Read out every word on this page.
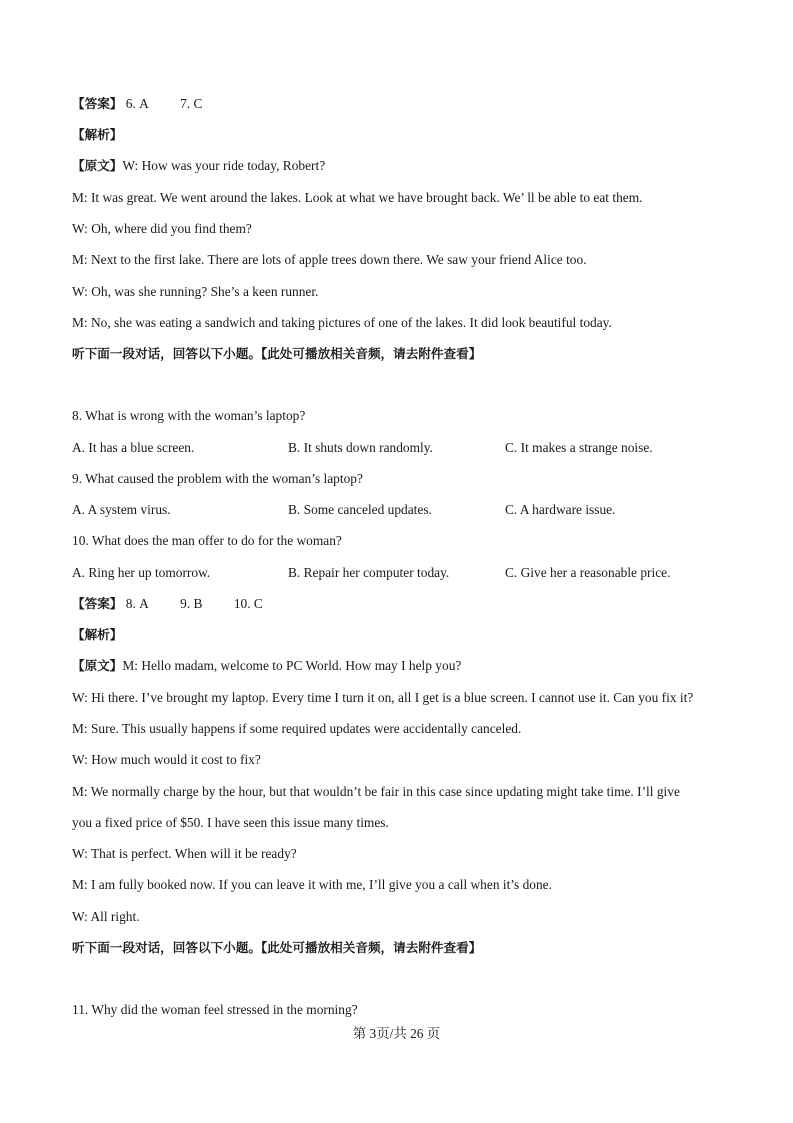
【答案】 6. A 7. C
【解析】
【原文】W: How was your ride today, Robert?
M: It was great. We went around the lakes. Look at what we have brought back. We’ ll be able to eat them.
W: Oh, where did you find them?
M: Next to the first lake. There are lots of apple trees down there. We saw your friend Alice too.
W: Oh, was she running? She’s a keen runner.
M: No, she was eating a sandwich and taking pictures of one of the lakes. It did look beautiful today.
听下面一段对话，回答以下小题。【此处可播放相关音频，请去附件查看】
8. What is wrong with the woman’s laptop?
A. It has a blue screen.	B. It shuts down randomly.	C. It makes a strange noise.
9. What caused the problem with the woman’s laptop?
A. A system virus.	B. Some canceled updates.	C. A hardware issue.
10. What does the man offer to do for the woman?
A. Ring her up tomorrow.	B. Repair her computer today.	C. Give her a reasonable price.
【答案】 8. A 9. B 10. C
【解析】
【原文】M: Hello madam, welcome to PC World. How may I help you?
W: Hi there. I’ve brought my laptop. Every time I turn it on, all I get is a blue screen. I cannot use it. Can you fix it?
M: Sure. This usually happens if some required updates were accidentally canceled.
W: How much would it cost to fix?
M: We normally charge by the hour, but that wouldn’t be fair in this case since updating might take time. I’ll give
you a fixed price of $50. I have seen this issue many times.
W: That is perfect. When will it be ready?
M: I am fully booked now. If you can leave it with me, I’ll give you a call when it’s done.
W: All right.
听下面一段对话，回答以下小题。【此处可播放相关音频，请去附件查看】
11. Why did the woman feel stressed in the morning?
第 3页/共 26 页
